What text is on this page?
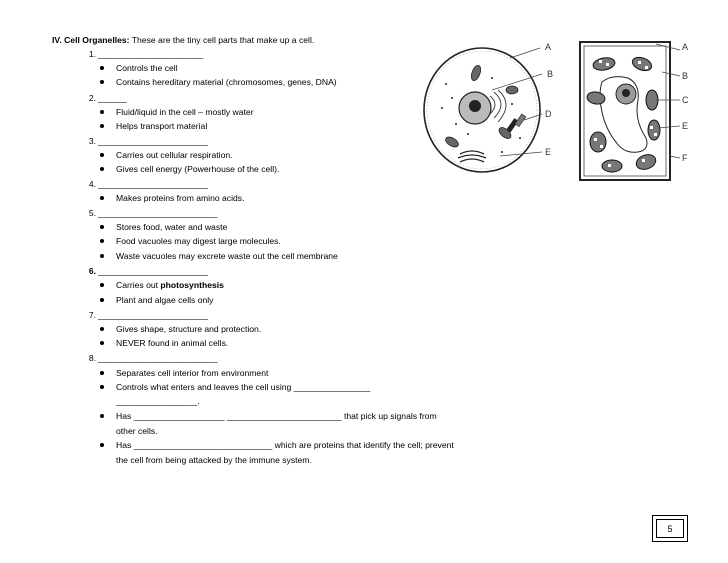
IV. Cell Organelles: These are the tiny cell parts that make up a cell.
1. ______________________
Controls the cell
Contains hereditary material (chromosomes, genes, DNA)
2. ______
Fluid/liquid in the cell – mostly water
Helps transport material
3. _______________________
Carries out cellular respiration.
Gives cell energy (Powerhouse of the cell).
4. _______________________
Makes proteins from amino acids.
5. _________________________
Stores food, water and waste
Food vacuoles may digest large molecules.
Waste vacuoles may excrete waste out the cell membrane
6. _______________________
Carries out photosynthesis
Plant and algae cells only
7. _______________________
Gives shape, structure and protection.
NEVER found in animal cells.
8. _________________________
Separates cell interior from environment
Controls what enters and leaves the cell using ________________
_________________.
Has ___________________ ________________________ that pick up signals from
other cells.
Has _____________________________ which are proteins that identify the cell; prevent
the cell from being attacked by the immune system.
A
B
D
E
A
B
C
E
F
5
